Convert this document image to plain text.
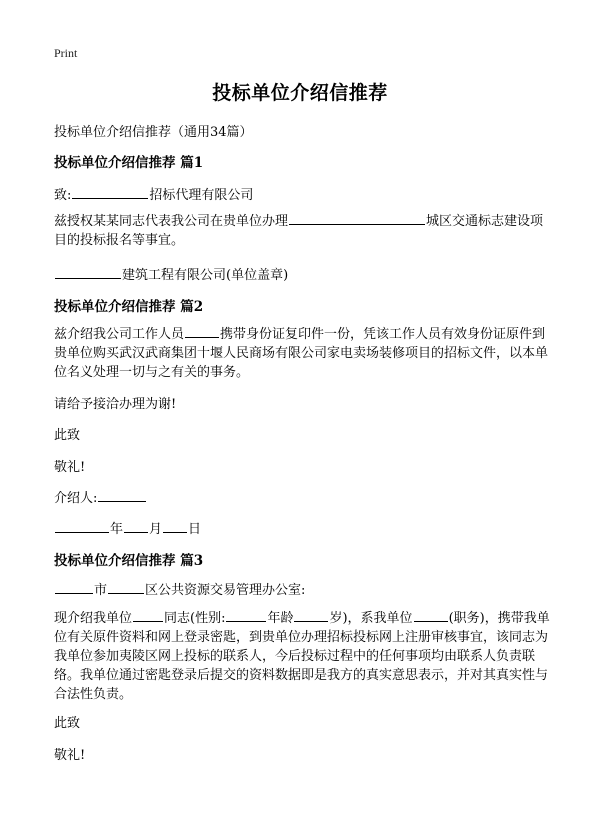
Print
投标单位介绍信推荐
投标单位介绍信推荐（通用34篇）
投标单位介绍信推荐 篇1
致:	招标代理有限公司
兹授权某某同志代表我公司在贵单位办理	城区交通标志建设项目的投标报名等事宜。
建筑工程有限公司(单位盖章)
投标单位介绍信推荐 篇2
兹介绍我公司工作人员	携带身份证复印件一份，凭该工作人员有效身份证原件到贵单位购买武汉武商集团十堰人民商场有限公司家电卖场装修项目的招标文件，以本单位名义处理一切与之有关的事务。
请给予接洽办理为谢!
此致
敬礼!
介绍人:
年 月 日
投标单位介绍信推荐 篇3
市	区公共资源交易管理办公室:
现介绍我单位 同志(性别:	年龄	岁)，系我单位	(职务)，携带我单位有关原件资料和网上登录密匙，到贵单位办理招标投标网上注册审核事宜，该同志为我单位参加夷陵区网上投标的联系人，今后投标过程中的任何事项均由联系人负责联络。我单位通过密匙登录后提交的资料数据即是我方的真实意思表示，并对其真实性与合法性负责。
此致
敬礼!
